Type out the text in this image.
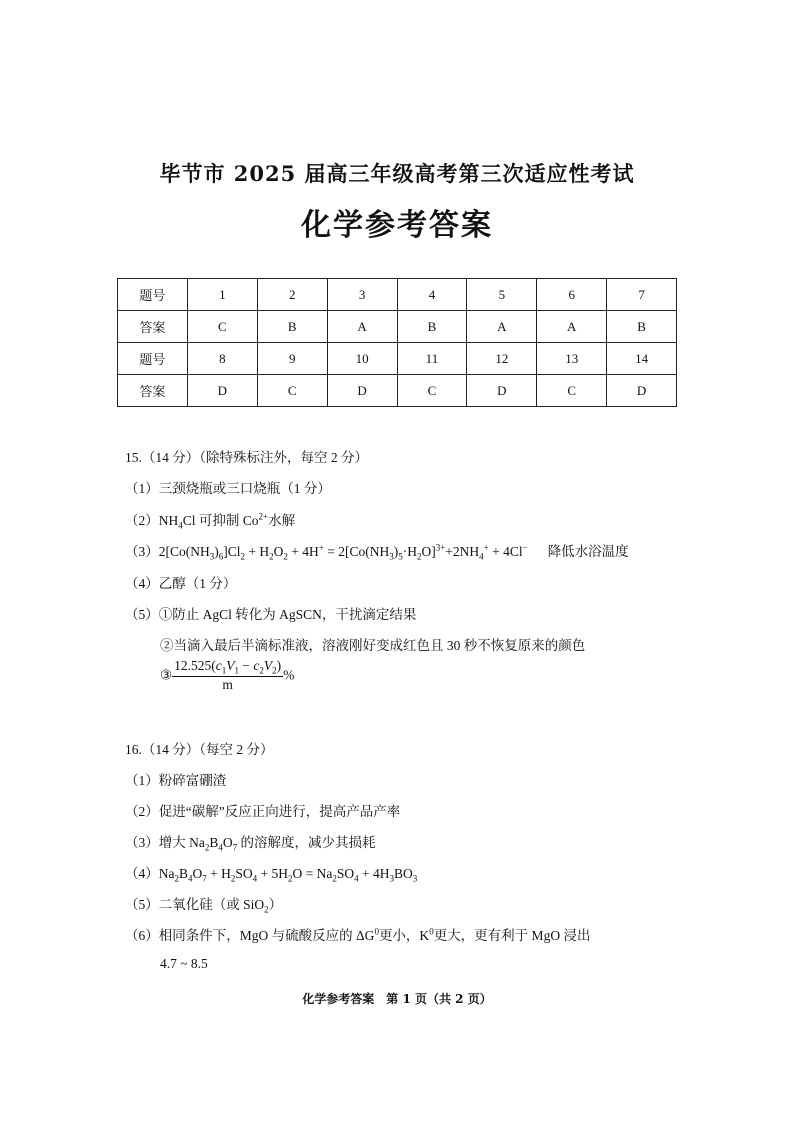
毕节市 2025 届高三年级高考第三次适应性考试
化学参考答案
题号	1	2	3	4	5	6	7
答案	C	B	A	B	A	A	B
题号	8	9	10	11	12	13	14
答案	D	C	D	C	D	C	D
15.（14 分）（除特殊标注外，每空 2 分）
（1）三颈烧瓶或三口烧瓶（1 分）
$(2)NH_4Cl$ 可抑制 $Co^{2+}$水解
$(3)2[Co(NH_3)_6]Cl_2 + H_2O_2 + 4H^+ = 2[Co(NH_3)_5\cdot H_2O]^{3+}+2NH_4^+ + 4Cl^-$ 降低水浴温度
（4）乙醇（1 分）
（5）①防止 AgCl 转化为 AgSCN，干扰滴定结果
②当滴入最后半滴标准液，溶液刚好变成红色且 30 秒不恢复原来的颜色
③ $\frac{12.525(c_1V_1 - c_2V_2)}{m}$ %
16.（14 分）（每空 2 分）
（1）粉碎富硼渣
（2）促进“碳解”反应正向进行，提高产品产率
（3）增大 $Na_2B_4O_7$ 的溶解度，减少其损耗
$(4)Na_2B_4O_7 + H_2SO_4 + 5H_2O = Na_2SO_4 + 4H_3BO_3$
（5）二氧化硅（或 SiO$_2$）
（6）相同条件下，MgO 与硫酸反应的 $\Delta G^0$更小，$K^0$更大，更有利于 MgO 浸出
4.7 ~ 8.5
化学参考答案　第 1 页（共 2 页）
